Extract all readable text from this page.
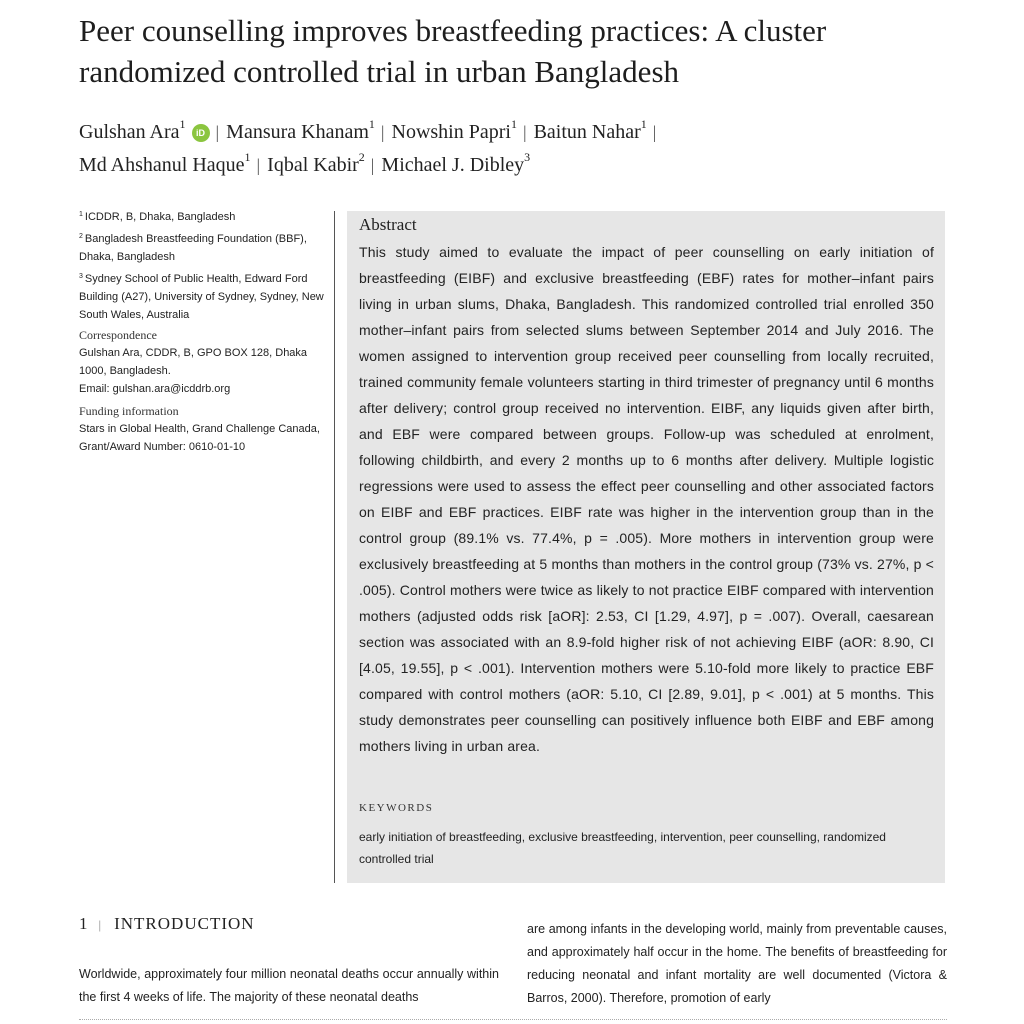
Peer counselling improves breastfeeding practices: A cluster randomized controlled trial in urban Bangladesh
Gulshan Ara$^1$iD | Mansura Khanam$^1$ | Nowshin Papri$^1$ | Baitun Nahar$^1$ |
Md Ahshanul Haque$^1$ | Iqbal Kabir$^2$ | Michael J. Dibley$^3$
$^1$ ICDDR, B, Dhaka, Bangladesh
$^2$ Bangladesh Breastfeeding Foundation (BBF), Dhaka, Bangladesh
$^3$ Sydney School of Public Health, Edward Ford Building (A27), University of Sydney, Sydney, New South Wales, Australia
Correspondence
Gulshan Ara, CDDR, B, GPO BOX 128, Dhaka 1000, Bangladesh.
Email: gulshan.ara@icddrb.org
Funding information
Stars in Global Health, Grand Challenge Canada, Grant/Award Number: 0610-01-10
Abstract
This study aimed to evaluate the impact of peer counselling on early initiation of breastfeeding (EIBF) and exclusive breastfeeding (EBF) rates for mother–infant pairs living in urban slums, Dhaka, Bangladesh. This randomized controlled trial enrolled 350 mother–infant pairs from selected slums between September 2014 and July 2016. The women assigned to intervention group received peer counselling from locally recruited, trained community female volunteers starting in third trimester of pregnancy until 6 months after delivery; control group received no intervention. EIBF, any liquids given after birth, and EBF were compared between groups. Follow-up was scheduled at enrolment, following childbirth, and every 2 months up to 6 months after delivery. Multiple logistic regressions were used to assess the effect peer counselling and other associated factors on EIBF and EBF practices. EIBF rate was higher in the intervention group than in the control group (89.1% vs. 77.4%, p = .005). More mothers in intervention group were exclusively breastfeeding at 5 months than mothers in the control group (73% vs. 27%, p < .005). Control mothers were twice as likely to not practice EIBF compared with intervention mothers (adjusted odds risk [aOR]: 2.53, CI [1.29, 4.97], p = .007). Overall, caesarean section was associated with an 8.9-fold higher risk of not achieving EIBF (aOR: 8.90, CI [4.05, 19.55], p < .001). Intervention mothers were 5.10-fold more likely to practice EBF compared with control mothers (aOR: 5.10, CI [2.89, 9.01], p < .001) at 5 months. This study demonstrates peer counselling can positively influence both EIBF and EBF among mothers living in urban area.
KEYWORDS
early initiation of breastfeeding, exclusive breastfeeding, intervention, peer counselling, randomized controlled trial
1 | INTRODUCTION
Worldwide, approximately four million neonatal deaths occur annually within the first 4 weeks of life. The majority of these neonatal deaths
are among infants in the developing world, mainly from preventable causes, and approximately half occur in the home. The benefits of breastfeeding for reducing neonatal and infant mortality are well documented (Victora & Barros, 2000). Therefore, promotion of early
